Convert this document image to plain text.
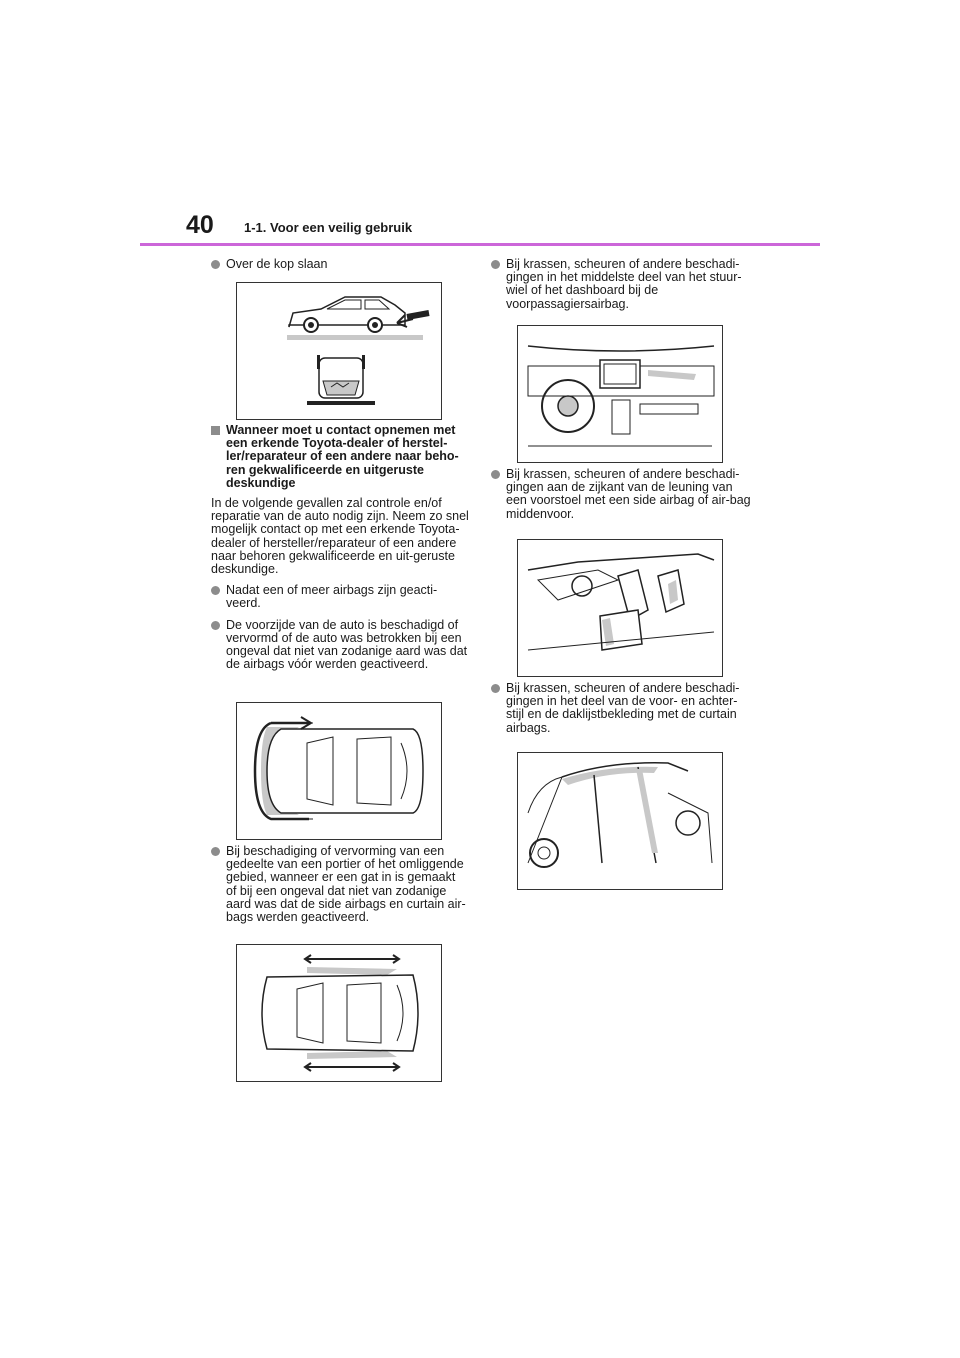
40 1-1. Voor een veilig gebruik

Over de kop slaan

Wanneer moet u contact opnemen met een erkende Toyota-dealer of herstel-ler/reparateur of een andere naar beho-ren gekwalificeerde en uitgeruste deskundige

In de volgende gevallen zal controle en/of reparatie van de auto nodig zijn. Neem zo snel mogelijk contact op met een erkende Toyota-dealer of hersteller/reparateur of een andere naar behoren gekwalificeerde en uit-geruste deskundige.

Nadat een of meer airbags zijn geacti-veerd.

De voorzijde van de auto is beschadigd of vervormd of de auto was betrokken bij een ongeval dat niet van zodanige aard was dat de airbags vóór werden geactiveerd.

Bij beschadiging of vervorming van een gedeelte van een portier of het omliggende gebied, wanneer er een gat in is gemaakt of bij een ongeval dat niet van zodanige aard was dat de side airbags en curtain air-bags werden geactiveerd.

Bij krassen, scheuren of andere beschadi-gingen in het middelste deel van het stuur-wiel of het dashboard bij de voorpassagiersairbag.

Bij krassen, scheuren of andere beschadi-gingen aan de zijkant van de leuning van een voorstoel met een side airbag of air-bag middenvoor.

Bij krassen, scheuren of andere beschadi-gingen in het deel van de voor- en achter-stijl en de daklijstbekleding met de curtain airbags.
